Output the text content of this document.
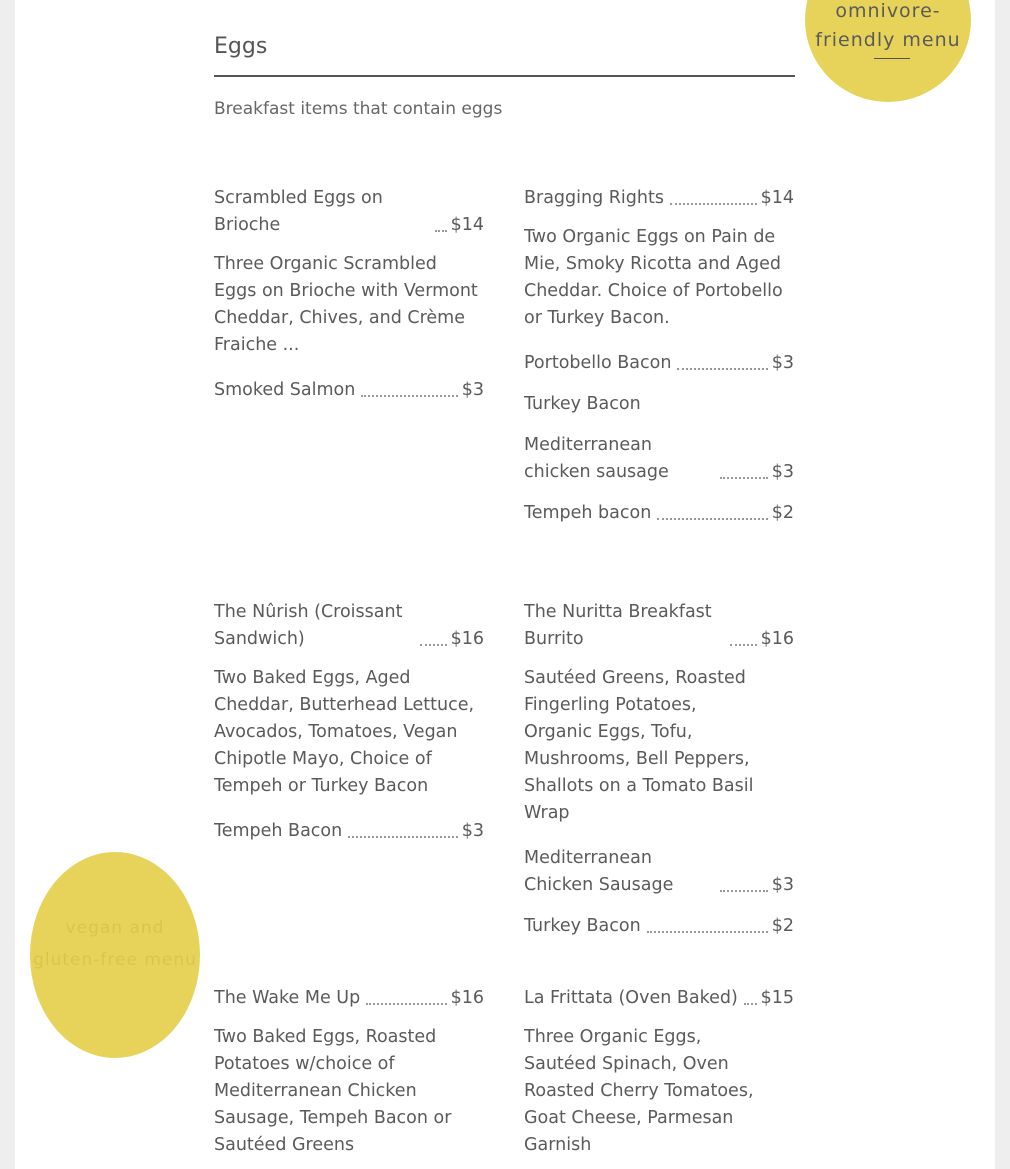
omnivore-friendly menu
vegan and gluten-free menu
Eggs
Breakfast items that contain eggs
Scrambled Eggs on Brioche	$14
Three Organic Scrambled Eggs on Brioche with Vermont Cheddar, Chives, and Crème Fraiche ...
Smoked Salmon	$3
Bragging Rights	$14
Two Organic Eggs on Pain de Mie, Smoky Ricotta and Aged Cheddar. Choice of Portobello or Turkey Bacon.
Portobello Bacon	$3
Turkey Bacon
Mediterranean chicken sausage	$3
Tempeh bacon	$2
The Nûrish (Croissant Sandwich)	$16
Two Baked Eggs, Aged Cheddar, Butterhead Lettuce, Avocados, Tomatoes, Vegan Chipotle Mayo, Choice of Tempeh or Turkey Bacon
Tempeh Bacon	$3
The Nuritta Breakfast Burrito	$16
Sautéed Greens, Roasted Fingerling Potatoes, Organic Eggs, Tofu, Mushrooms, Bell Peppers, Shallots on a Tomato Basil Wrap
Mediterranean Chicken Sausage	$3
Turkey Bacon	$2
The Wake Me Up	$16
Two Baked Eggs, Roasted Potatoes w/choice of Mediterranean Chicken Sausage, Tempeh Bacon or Sautéed Greens
La Frittata (Oven Baked) $15
Three Organic Eggs, Sautéed Spinach, Oven Roasted Cherry Tomatoes, Goat Cheese, Parmesan Garnish
